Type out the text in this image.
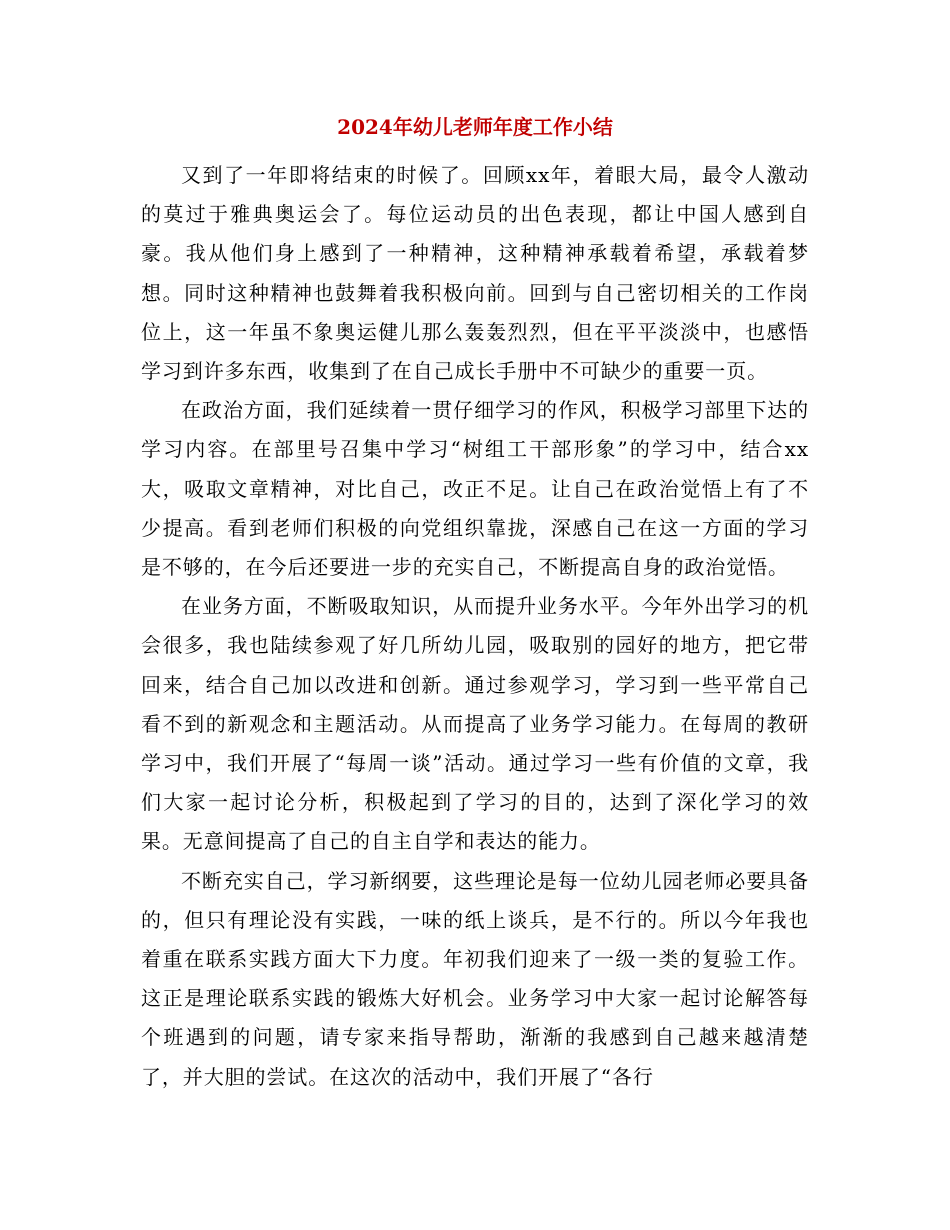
2024年幼儿老师年度工作小结

又到了一年即将结束的时候了。回顾xx年，着眼大局，最令人激动的莫过于雅典奥运会了。每位运动员的出色表现，都让中国人感到自豪。我从他们身上感到了一种精神，这种精神承载着希望，承载着梦想。同时这种精神也鼓舞着我积极向前。回到与自己密切相关的工作岗位上，这一年虽不象奥运健儿那么轰轰烈烈，但在平平淡淡中，也感悟学习到许多东西，收集到了在自己成长手册中不可缺少的重要一页。

在政治方面，我们延续着一贯仔细学习的作风，积极学习部里下达的学习内容。在部里号召集中学习“树组工干部形象”的学习中，结合xx大，吸取文章精神，对比自己，改正不足。让自己在政治觉悟上有了不少提高。看到老师们积极的向党组织靠拢，深感自己在这一方面的学习是不够的，在今后还要进一步的充实自己，不断提高自身的政治觉悟。

在业务方面，不断吸取知识，从而提升业务水平。今年外出学习的机会很多，我也陆续参观了好几所幼儿园，吸取别的园好的地方，把它带回来，结合自己加以改进和创新。通过参观学习，学习到一些平常自己看不到的新观念和主题活动。从而提高了业务学习能力。在每周的教研学习中，我们开展了“每周一谈”活动。通过学习一些有价值的文章，我们大家一起讨论分析，积极起到了学习的目的，达到了深化学习的效果。无意间提高了自己的自主自学和表达的能力。

不断充实自己，学习新纲要，这些理论是每一位幼儿园老师必要具备的，但只有理论没有实践，一味的纸上谈兵，是不行的。所以今年我也着重在联系实践方面大下力度。年初我们迎来了一级一类的复验工作。这正是理论联系实践的锻炼大好机会。业务学习中大家一起讨论解答每个班遇到的问题，请专家来指导帮助，渐渐的我感到自己越来越清楚了，并大胆的尝试。在这次的活动中，我们开展了“各行
